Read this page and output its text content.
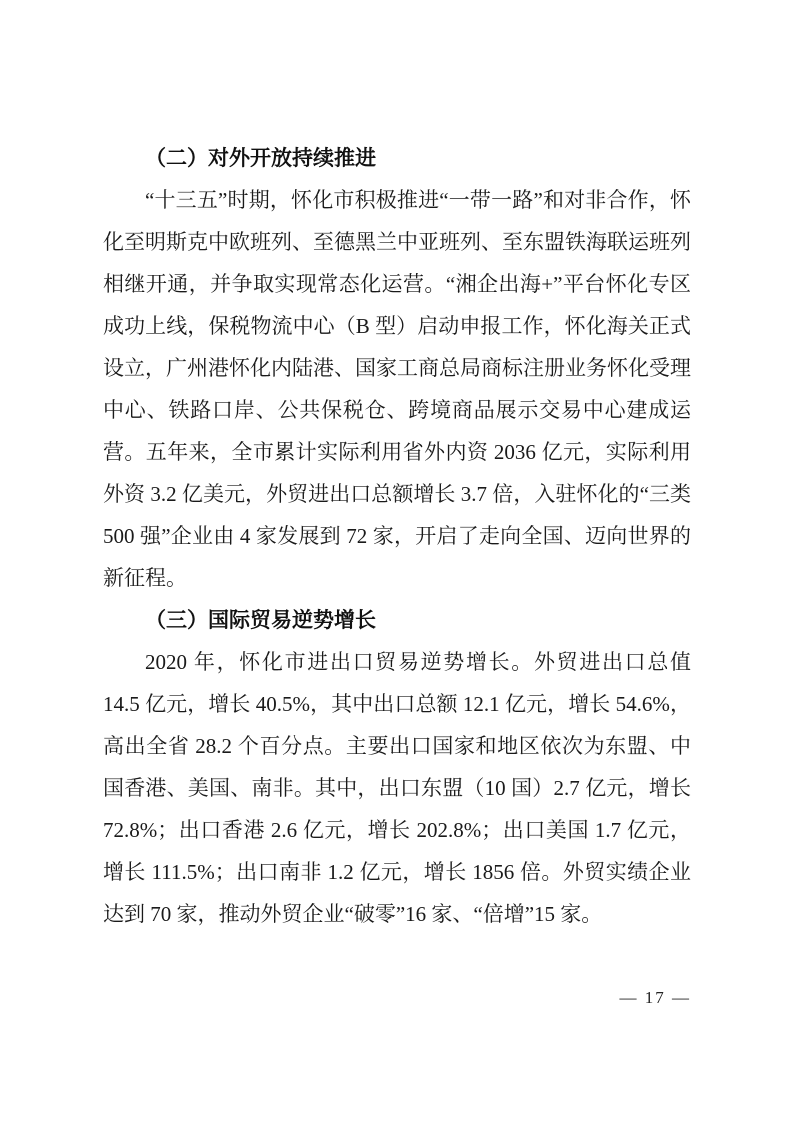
（二）对外开放持续推进

“十三五”时期，怀化市积极推进“一带一路”和对非合作，怀化至明斯克中欧班列、至德黑兰中亚班列、至东盟铁海联运班列相继开通，并争取实现常态化运营。“湘企出海+”平台怀化专区成功上线，保税物流中心（B 型）启动申报工作，怀化海关正式设立，广州港怀化内陆港、国家工商总局商标注册业务怀化受理中心、铁路口岸、公共保税仓、跨境商品展示交易中心建成运营。五年来，全市累计实际利用省外内资 2036 亿元，实际利用外资 3.2 亿美元，外贸进出口总额增长 3.7 倍，入驻怀化的“三类 500 强”企业由 4 家发展到 72 家，开启了走向全国、迈向世界的新征程。

（三）国际贸易逆势增长

2020 年，怀化市进出口贸易逆势增长。外贸进出口总值 14.5 亿元，增长 40.5%，其中出口总额 12.1 亿元，增长 54.6%，高出全省 28.2 个百分点。主要出口国家和地区依次为东盟、中国香港、美国、南非。其中，出口东盟（10 国）2.7 亿元，增长 72.8%；出口香港 2.6 亿元，增长 202.8%；出口美国 1.7 亿元，增长 111.5%；出口南非 1.2 亿元，增长 1856 倍。外贸实绩企业达到 70 家，推动外贸企业“破零”16 家、“倍增”15 家。

— 17 —
